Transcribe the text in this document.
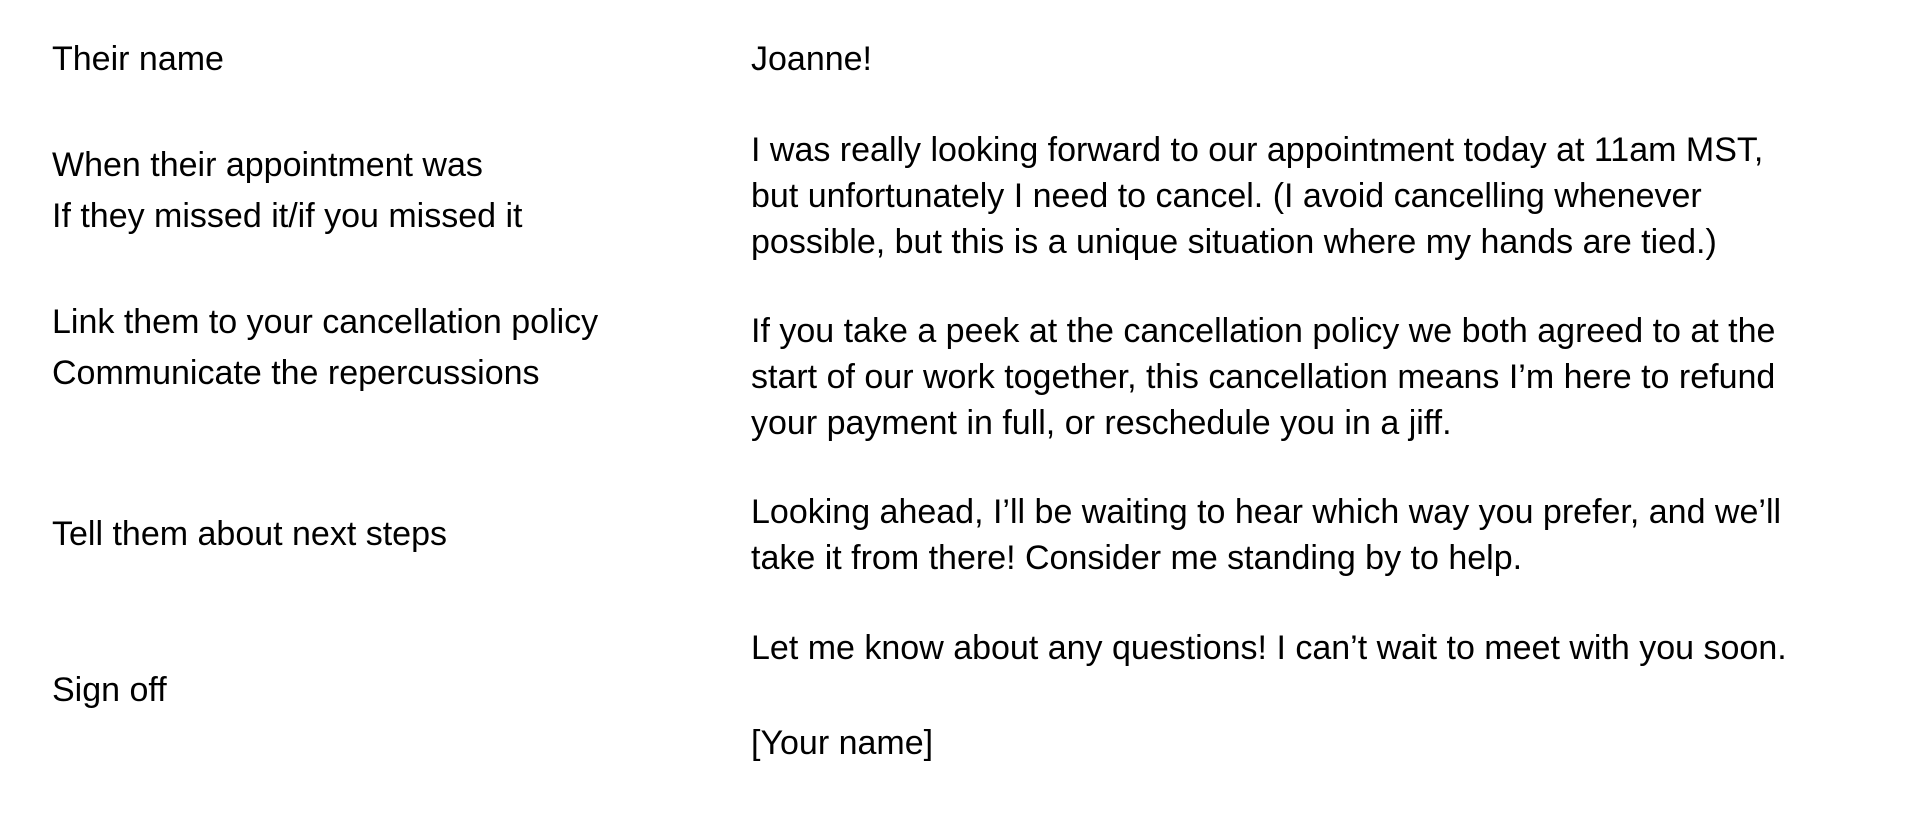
Their name
When their appointment was
If they missed it/if you missed it
Link them to your cancellation policy
Communicate the repercussions
Tell them about next steps
Sign off
Joanne!
I was really looking forward to our appointment today at 11am MST,
but unfortunately I need to cancel. (I avoid cancelling whenever
possible, but this is a unique situation where my hands are tied.)
If you take a peek at the cancellation policy we both agreed to at the
start of our work together, this cancellation means I’m here to refund
your payment in full, or reschedule you in a jiff.
Looking ahead, I’ll be waiting to hear which way you prefer, and we’ll
take it from there! Consider me standing by to help.
Let me know about any questions! I can’t wait to meet with you soon.
[Your name]
